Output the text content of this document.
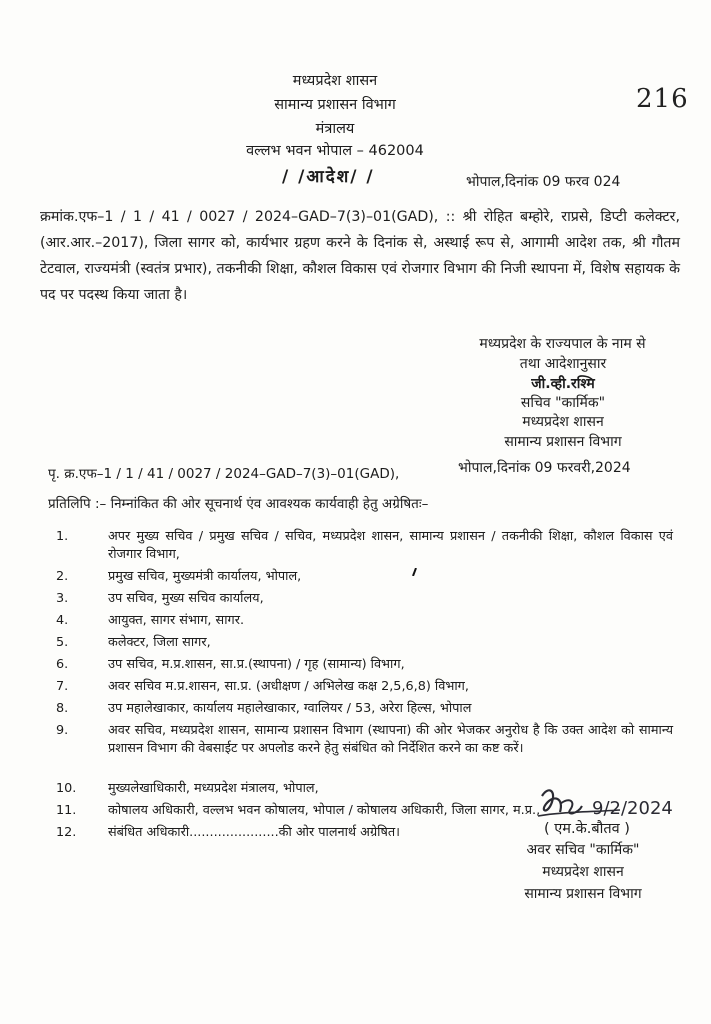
मध्यप्रदेश शासन
सामान्य प्रशासन विभाग
मंत्रालय
वल्लभ भवन भोपाल – 462004
216
/ /आदेश/ /	भोपाल,दिनांक 09 फरव 024
क्रमांक.एफ–1 / 1 / 41 / 0027 / 2024–GAD–7(3)–01(GAD), :: श्री रोहित बम्होरे, राप्रसे, डिप्टी कलेक्टर, (आर.आर.–2017), जिला सागर को, कार्यभार ग्रहण करने के दिनांक से, अस्थाई रूप से, आगामी आदेश तक, श्री गौतम टेटवाल, राज्यमंत्री (स्वतंत्र प्रभार), तकनीकी शिक्षा, कौशल विकास एवं रोजगार विभाग की निजी स्थापना में, विशेष सहायक के पद पर पदस्थ किया जाता है।
मध्यप्रदेश के राज्यपाल के नाम से
तथा आदेशानुसार
जी.व्ही.रश्मि
सचिव "कार्मिक"
मध्यप्रदेश शासन
सामान्य प्रशासन विभाग
पृ. क्र.एफ–1 / 1 / 41 / 0027 / 2024–GAD–7(3)–01(GAD),	भोपाल,दिनांक 09 फरवरी,2024
प्रतिलिपि :– निम्नांकित की ओर सूचनार्थ एंव आवश्यक कार्यवाही हेतु अग्रेषितः–
1.	अपर मुख्य सचिव / प्रमुख सचिव / सचिव, मध्यप्रदेश शासन, सामान्य प्रशासन / तकनीकी शिक्षा, कौशल विकास एवं रोजगार विभाग,
2.	प्रमुख सचिव, मुख्यमंत्री कार्यालय, भोपाल,
3.	उप सचिव, मुख्य सचिव कार्यालय,
4.	आयुक्त, सागर संभाग, सागर.
5.	कलेक्टर, जिला सागर,
6.	उप सचिव, म.प्र.शासन, सा.प्र.(स्थापना) / गृह (सामान्य) विभाग,
7.	अवर सचिव म.प्र.शासन, सा.प्र. (अधीक्षण / अभिलेख कक्ष 2,5,6,8) विभाग,
8.	उप महालेखाकार, कार्यालय महालेखाकार, ग्वालियर / 53, अरेरा हिल्स, भोपाल
9.	अवर सचिव, मध्यप्रदेश शासन, सामान्य प्रशासन विभाग (स्थापना) की ओर भेजकर अनुरोध है कि उक्त आदेश को सामान्य प्रशासन विभाग की वेबसाईट पर अपलोड करने हेतु संबंधित को निर्देशित करने का कष्ट करें।
10.	मुख्यलेखाधिकारी, मध्यप्रदेश मंत्रालय, भोपाल,
11.	कोषालय अधिकारी, वल्लभ भवन कोषालय, भोपाल / कोषालय अधिकारी, जिला सागर, म.प्र.,
12.	संबंधित अधिकारी......................की ओर पालनार्थ अग्रेषित।
9/2/2024
( एम.के.बौतव )
अवर सचिव "कार्मिक"
मध्यप्रदेश शासन
सामान्य प्रशासन विभाग
